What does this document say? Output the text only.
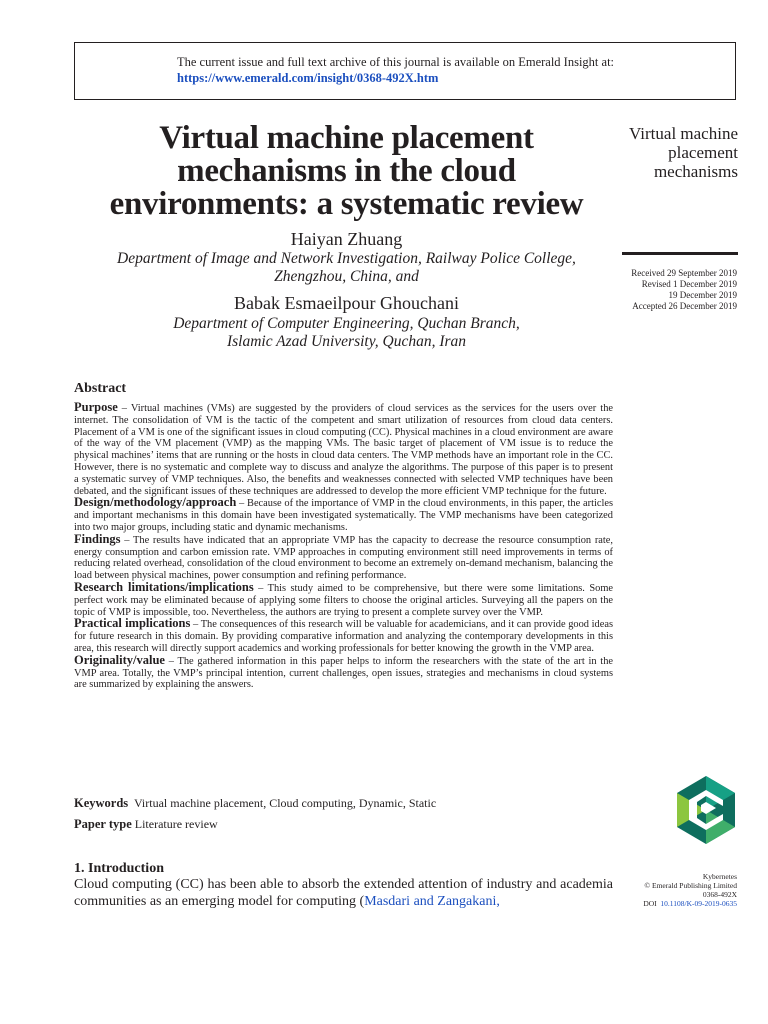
The current issue and full text archive of this journal is available on Emerald Insight at:
https://www.emerald.com/insight/0368-492X.htm
Virtual machine placement mechanisms in the cloud environments: a systematic review
Haiyan Zhuang
Department of Image and Network Investigation, Railway Police College,
Zhengzhou, China, and
Babak Esmaeilpour Ghouchani
Department of Computer Engineering, Quchan Branch,
Islamic Azad University, Quchan, Iran
Virtual machine placement mechanisms
Received 29 September 2019
Revised 1 December 2019
19 December 2019
Accepted 26 December 2019
Abstract

Purpose – Virtual machines (VMs) are suggested by the providers of cloud services as the services for the users over the internet. The consolidation of VM is the tactic of the competent and smart utilization of resources from cloud data centers. Placement of a VM is one of the significant issues in cloud computing (CC). Physical machines in a cloud environment are aware of the way of the VM placement (VMP) as the mapping VMs. The basic target of placement of VM issue is to reduce the physical machines’ items that are running or the hosts in cloud data centers. The VMP methods have an important role in the CC. However, there is no systematic and complete way to discuss and analyze the algorithms. The purpose of this paper is to present a systematic survey of VMP techniques. Also, the benefits and weaknesses connected with selected VMP techniques have been debated, and the significant issues of these techniques are addressed to develop the more efficient VMP technique for the future.

Design/methodology/approach – Because of the importance of VMP in the cloud environments, in this paper, the articles and important mechanisms in this domain have been investigated systematically. The VMP mechanisms have been categorized into two major groups, including static and dynamic mechanisms.

Findings – The results have indicated that an appropriate VMP has the capacity to decrease the resource consumption rate, energy consumption and carbon emission rate. VMP approaches in computing environment still need improvements in terms of reducing related overhead, consolidation of the cloud environment to become an extremely on-demand mechanism, balancing the load between physical machines, power consumption and refining performance.

Research limitations/implications – This study aimed to be comprehensive, but there were some limitations. Some perfect work may be eliminated because of applying some filters to choose the original articles. Surveying all the papers on the topic of VMP is impossible, too. Nevertheless, the authors are trying to present a complete survey over the VMP.

Practical implications – The consequences of this research will be valuable for academicians, and it can provide good ideas for future research in this domain. By providing comparative information and analyzing the contemporary developments in this area, this research will directly support academics and working professionals for better knowing the growth in the VMP area.

Originality/value – The gathered information in this paper helps to inform the researchers with the state of the art in the VMP area. Totally, the VMP’s principal intention, current challenges, open issues, strategies and mechanisms in cloud systems are summarized by explaining the answers.

Keywords Virtual machine placement, Cloud computing, Dynamic, Static
Paper type Literature review
1. Introduction

Cloud computing (CC) has been able to absorb the extended attention of industry and academia communities as an emerging model for computing (Masdari and Zangakani,

Kybernetes
© Emerald Publishing Limited
0368-492X
DOI 10.1108/K-09-2019-0635
